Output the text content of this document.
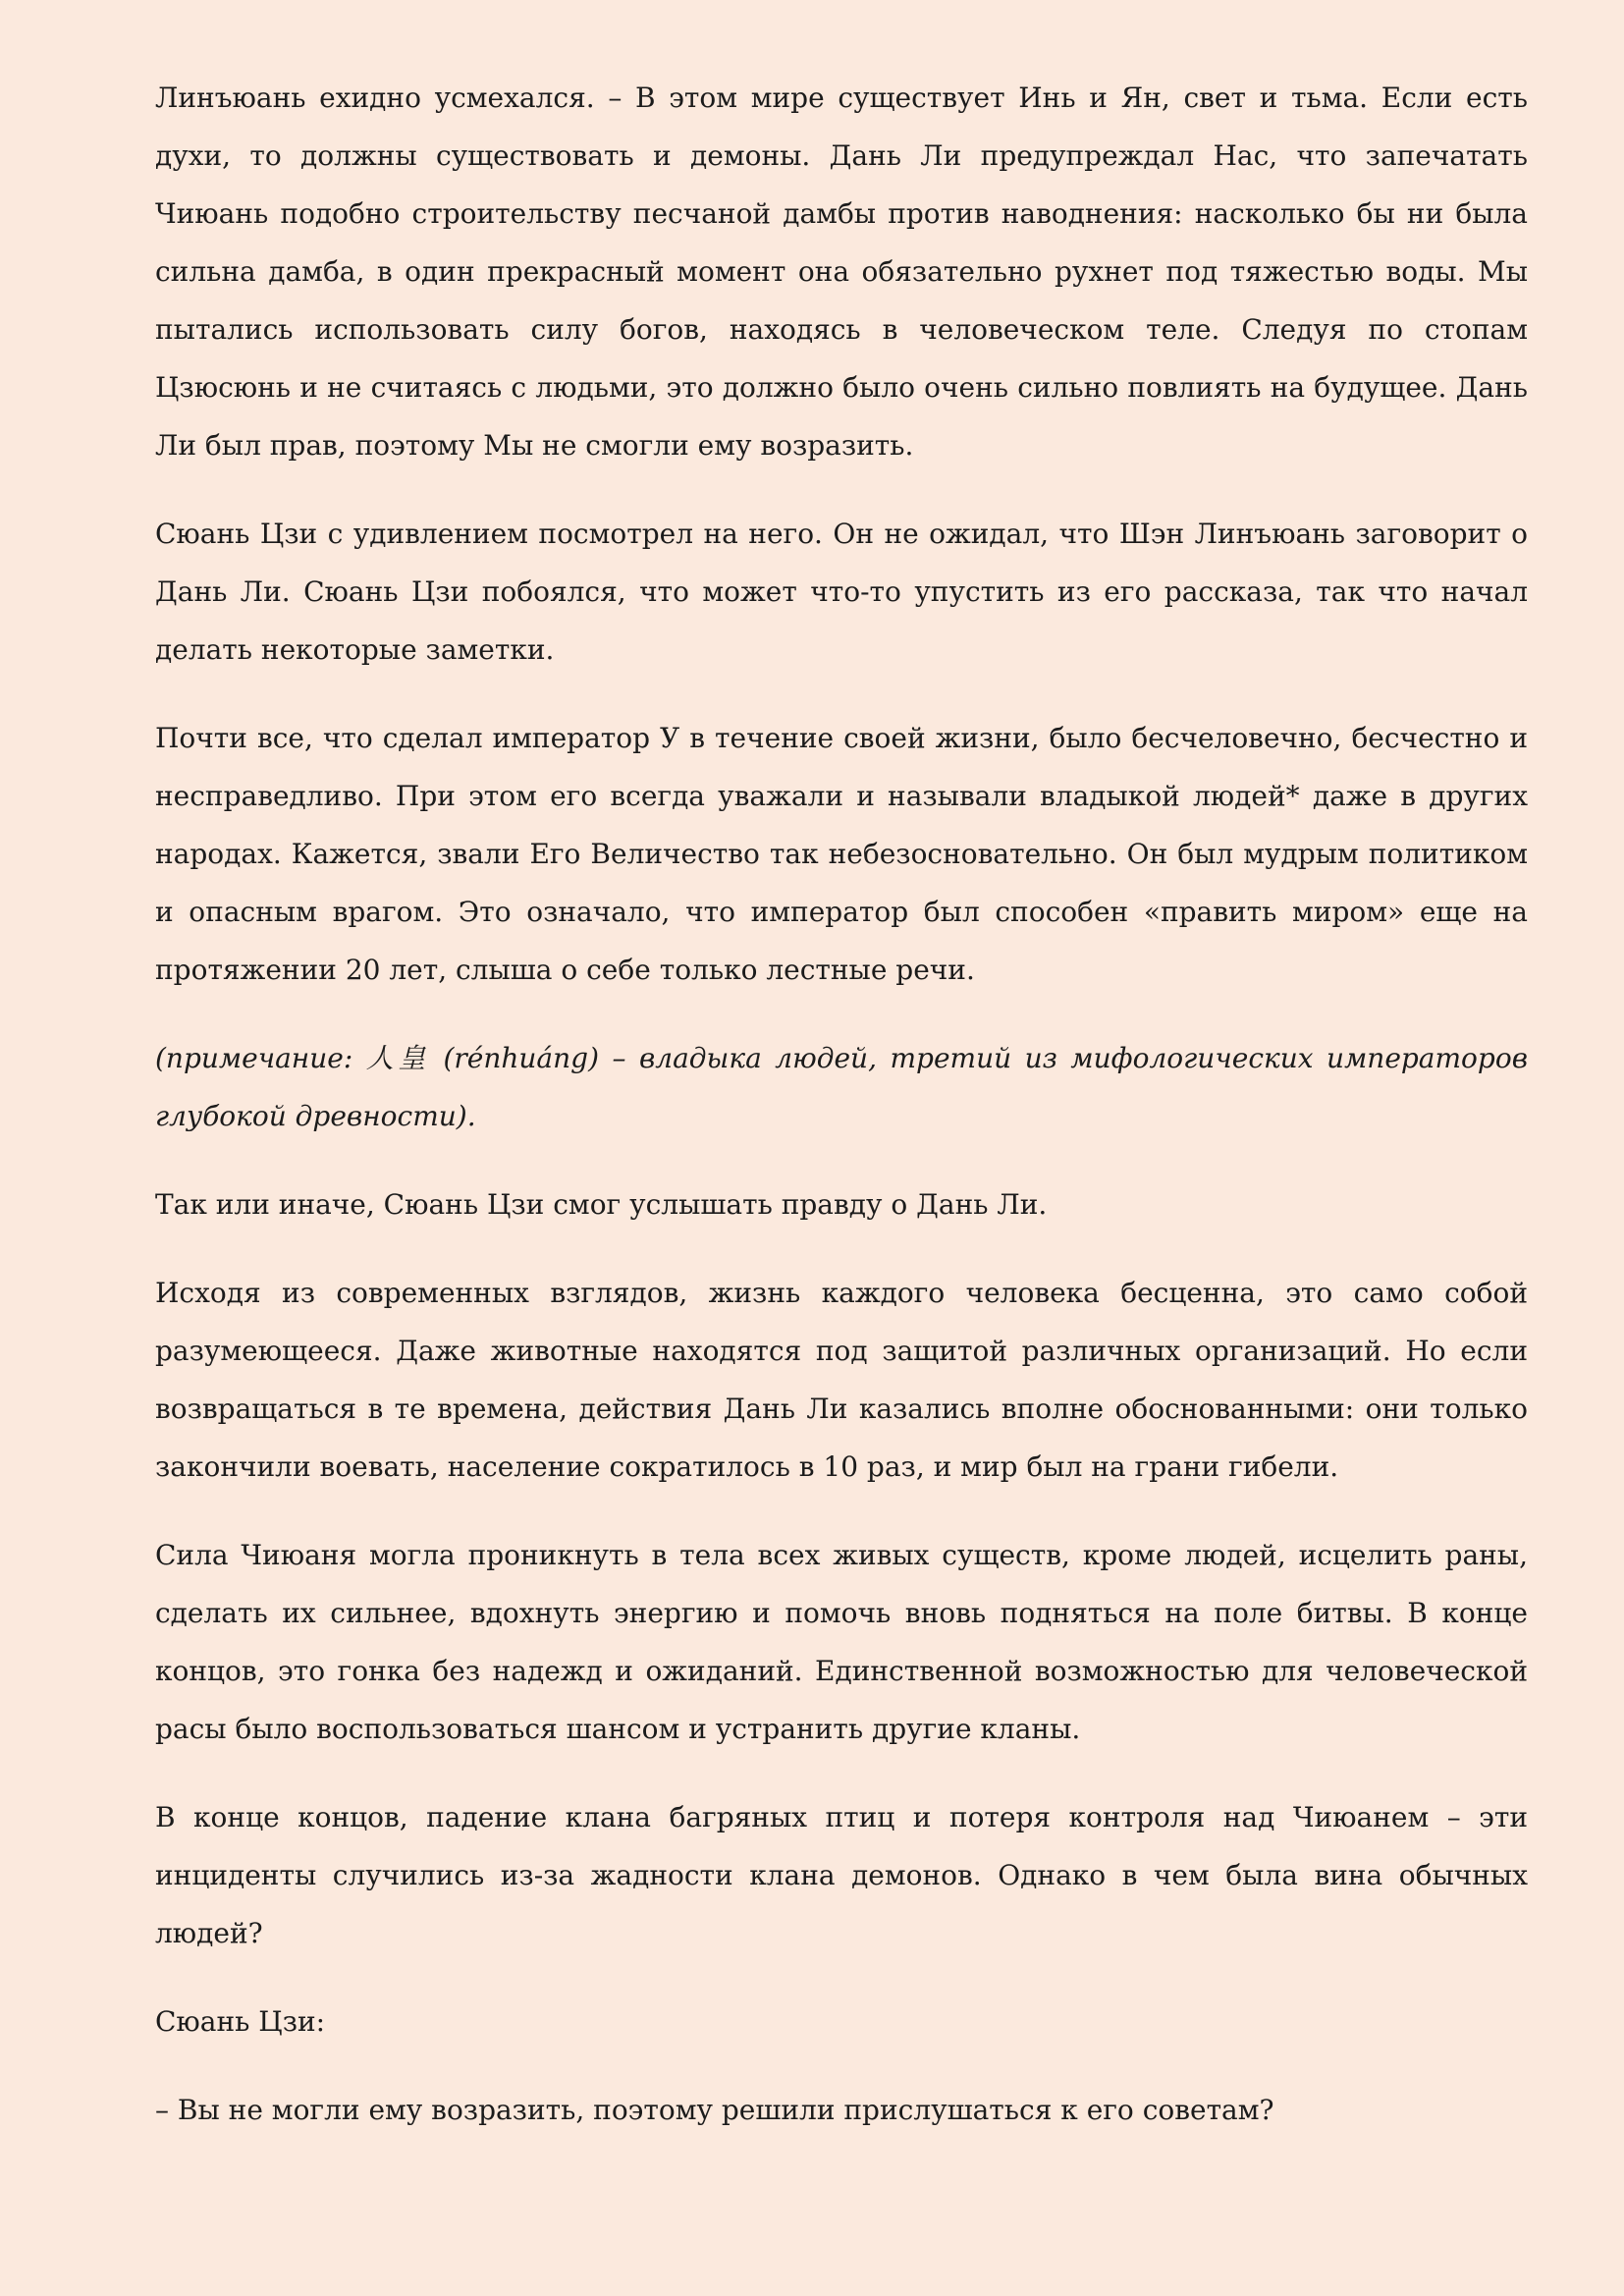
Линъюань ехидно усмехался. – В этом мире существует Инь и Ян, свет и тьма. Если есть духи, то должны существовать и демоны. Дань Ли предупреждал Нас, что запечатать Чиюань подобно строительству песчаной дамбы против наводнения: насколько бы ни была сильна дамба, в один прекрасный момент она обязательно рухнет под тяжестью воды. Мы пытались использовать силу богов, находясь в человеческом теле. Следуя по стопам Цзюсюнь и не считаясь с людьми, это должно было очень сильно повлиять на будущее. Дань Ли был прав, поэтому Мы не смогли ему возразить.

Сюань Цзи с удивлением посмотрел на него. Он не ожидал, что Шэн Линъюань заговорит о Дань Ли. Сюань Цзи побоялся, что может что-то упустить из его рассказа, так что начал делать некоторые заметки.

Почти все, что сделал император У в течение своей жизни, было бесчеловечно, бесчестно и несправедливо. При этом его всегда уважали и называли владыкой людей* даже в других народах. Кажется, звали Его Величество так небезосновательно. Он был мудрым политиком и опасным врагом. Это означало, что император был способен «править миром» еще на протяжении 20 лет, слыша о себе только лестные речи.

(примечание: 人皇 (rénhuáng) – владыка людей, третий из мифологических императоров глубокой древности).

Так или иначе, Сюань Цзи смог услышать правду о Дань Ли.

Исходя из современных взглядов, жизнь каждого человека бесценна, это само собой разумеющееся. Даже животные находятся под защитой различных организаций. Но если возвращаться в те времена, действия Дань Ли казались вполне обоснованными: они только закончили воевать, население сократилось в 10 раз, и мир был на грани гибели.

Сила Чиюаня могла проникнуть в тела всех живых существ, кроме людей, исцелить раны, сделать их сильнее, вдохнуть энергию и помочь вновь подняться на поле битвы. В конце концов, это гонка без надежд и ожиданий. Единственной возможностью для человеческой расы было воспользоваться шансом и устранить другие кланы.

В конце концов, падение клана багряных птиц и потеря контроля над Чиюанем – эти инциденты случились из-за жадности клана демонов. Однако в чем была вина обычных людей?

Сюань Цзи:

– Вы не могли ему возразить, поэтому решили прислушаться к его советам?
